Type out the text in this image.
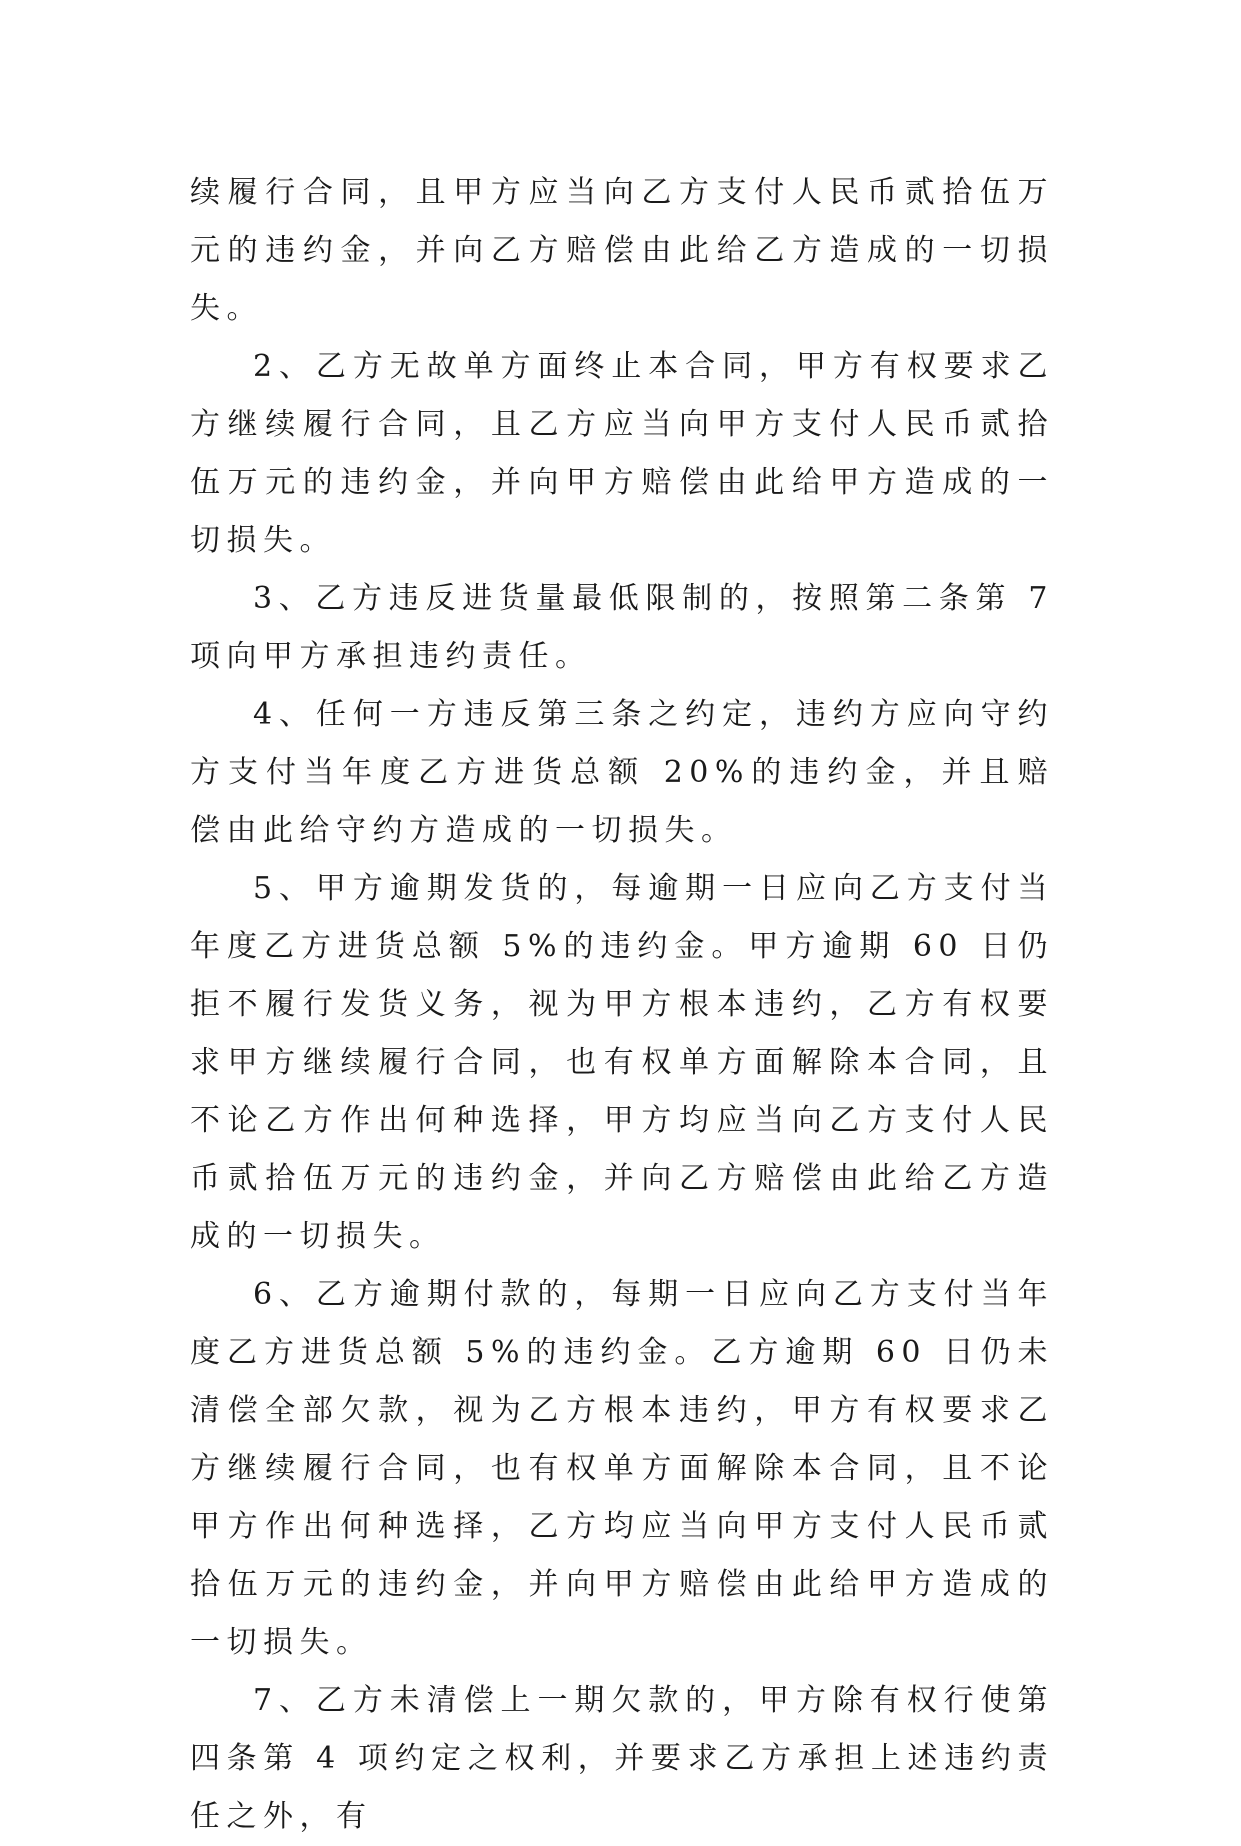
续履行合同，且甲方应当向乙方支付人民币贰拾伍万元的违约金，并向乙方赔偿由此给乙方造成的一切损失。

2、乙方无故单方面终止本合同，甲方有权要求乙方继续履行合同，且乙方应当向甲方支付人民币贰拾伍万元的违约金，并向甲方赔偿由此给甲方造成的一切损失。

3、乙方违反进货量最低限制的，按照第二条第 7 项向甲方承担违约责任。

4、任何一方违反第三条之约定，违约方应向守约方支付当年度乙方进货总额 20%的违约金，并且赔偿由此给守约方造成的一切损失。

5、甲方逾期发货的，每逾期一日应向乙方支付当年度乙方进货总额 5%的违约金。甲方逾期 60 日仍拒不履行发货义务，视为甲方根本违约，乙方有权要求甲方继续履行合同，也有权单方面解除本合同，且不论乙方作出何种选择，甲方均应当向乙方支付人民币贰拾伍万元的违约金，并向乙方赔偿由此给乙方造成的一切损失。

6、乙方逾期付款的，每期一日应向乙方支付当年度乙方进货总额 5%的违约金。乙方逾期 60 日仍未清偿全部欠款，视为乙方根本违约，甲方有权要求乙方继续履行合同，也有权单方面解除本合同，且不论甲方作出何种选择，乙方均应当向甲方支付人民币贰拾伍万元的违约金，并向甲方赔偿由此给甲方造成的一切损失。

7、乙方未清偿上一期欠款的，甲方除有权行使第四条第 4 项约定之权利，并要求乙方承担上述违约责任之外，有
